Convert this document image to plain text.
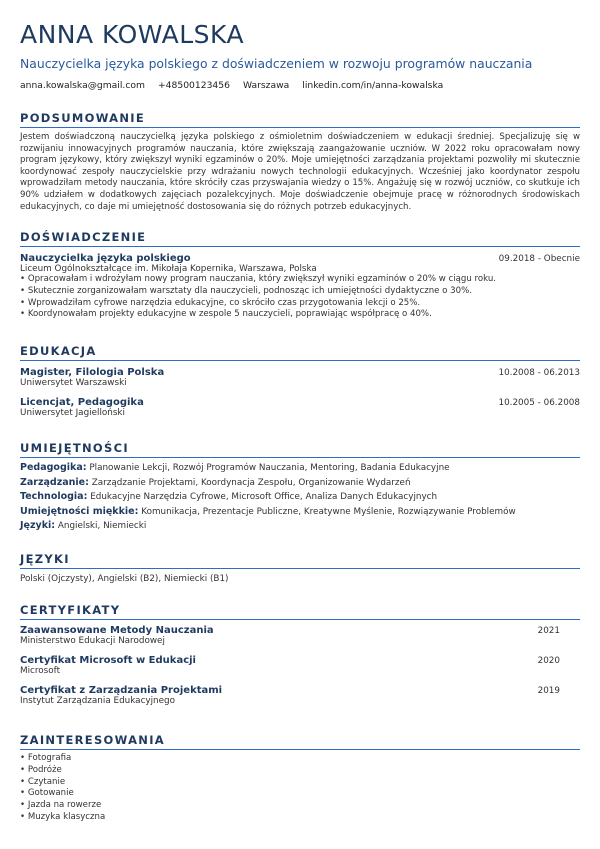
ANNA KOWALSKA
Nauczycielka języka polskiego z doświadczeniem w rozwoju programów nauczania
anna.kowalska@gmail.com +48500123456 Warszawa linkedin.com/in/anna-kowalska
PODSUMOWANIE
Jestem doświadczoną nauczycielką języka polskiego z ośmioletnim doświadczeniem w edukacji średniej. Specjalizuję się w rozwijaniu innowacyjnych programów nauczania, które zwiększają zaangażowanie uczniów. W 2022 roku opracowałam nowy program językowy, który zwiększył wyniki egzaminów o 20%. Moje umiejętności zarządzania projektami pozwoliły mi skutecznie koordynować zespoły nauczycielskie przy wdrażaniu nowych technologii edukacyjnych. Wcześniej jako koordynator zespołu wprowadziłam metody nauczania, które skróciły czas przyswajania wiedzy o 15%. Angażuję się w rozwój uczniów, co skutkuje ich 90% udziałem w dodatkowych zajęciach pozalekcyjnych. Moje doświadczenie obejmuje pracę w różnorodnych środowiskach edukacyjnych, co daje mi umiejętność dostosowania się do różnych potrzeb edukacyjnych.
DOŚWIADCZENIE
Nauczycielka języka polskiego	09.2018 - Obecnie
Liceum Ogólnokształcące im. Mikołaja Kopernika, Warszawa, Polska
• Opracowałam i wdrożyłam nowy program nauczania, który zwiększył wyniki egzaminów o 20% w ciągu roku.
• Skutecznie zorganizowałam warsztaty dla nauczycieli, podnosząc ich umiejętności dydaktyczne o 30%.
• Wprowadziłam cyfrowe narzędzia edukacyjne, co skróciło czas przygotowania lekcji o 25%.
• Koordynowałam projekty edukacyjne w zespole 5 nauczycieli, poprawiając współpracę o 40%.
EDUKACJA
Magister, Filologia Polska	10.2008 - 06.2013
Uniwersytet Warszawski
Licencjat, Pedagogika	10.2005 - 06.2008
Uniwersytet Jagielloński
UMIEJĘTNOŚCI
Pedagogika: Planowanie Lekcji, Rozwój Programów Nauczania, Mentoring, Badania Edukacyjne
Zarządzanie: Zarządzanie Projektami, Koordynacja Zespołu, Organizowanie Wydarzeń
Technologia: Edukacyjne Narzędzia Cyfrowe, Microsoft Office, Analiza Danych Edukacyjnych
Umiejętności miękkie: Komunikacja, Prezentacje Publiczne, Kreatywne Myślenie, Rozwiązywanie Problemów
Języki: Angielski, Niemiecki
JĘZYKI
Polski (Ojczysty), Angielski (B2), Niemiecki (B1)
CERTYFIKATY
Zaawansowane Metody Nauczania	2021
Ministerstwo Edukacji Narodowej
Certyfikat Microsoft w Edukacji	2020
Microsoft
Certyfikat z Zarządzania Projektami	2019
Instytut Zarządzania Edukacyjnego
ZAINTERESOWANIA
• Fotografia
• Podróże
• Czytanie
• Gotowanie
• Jazda na rowerze
• Muzyka klasyczna
